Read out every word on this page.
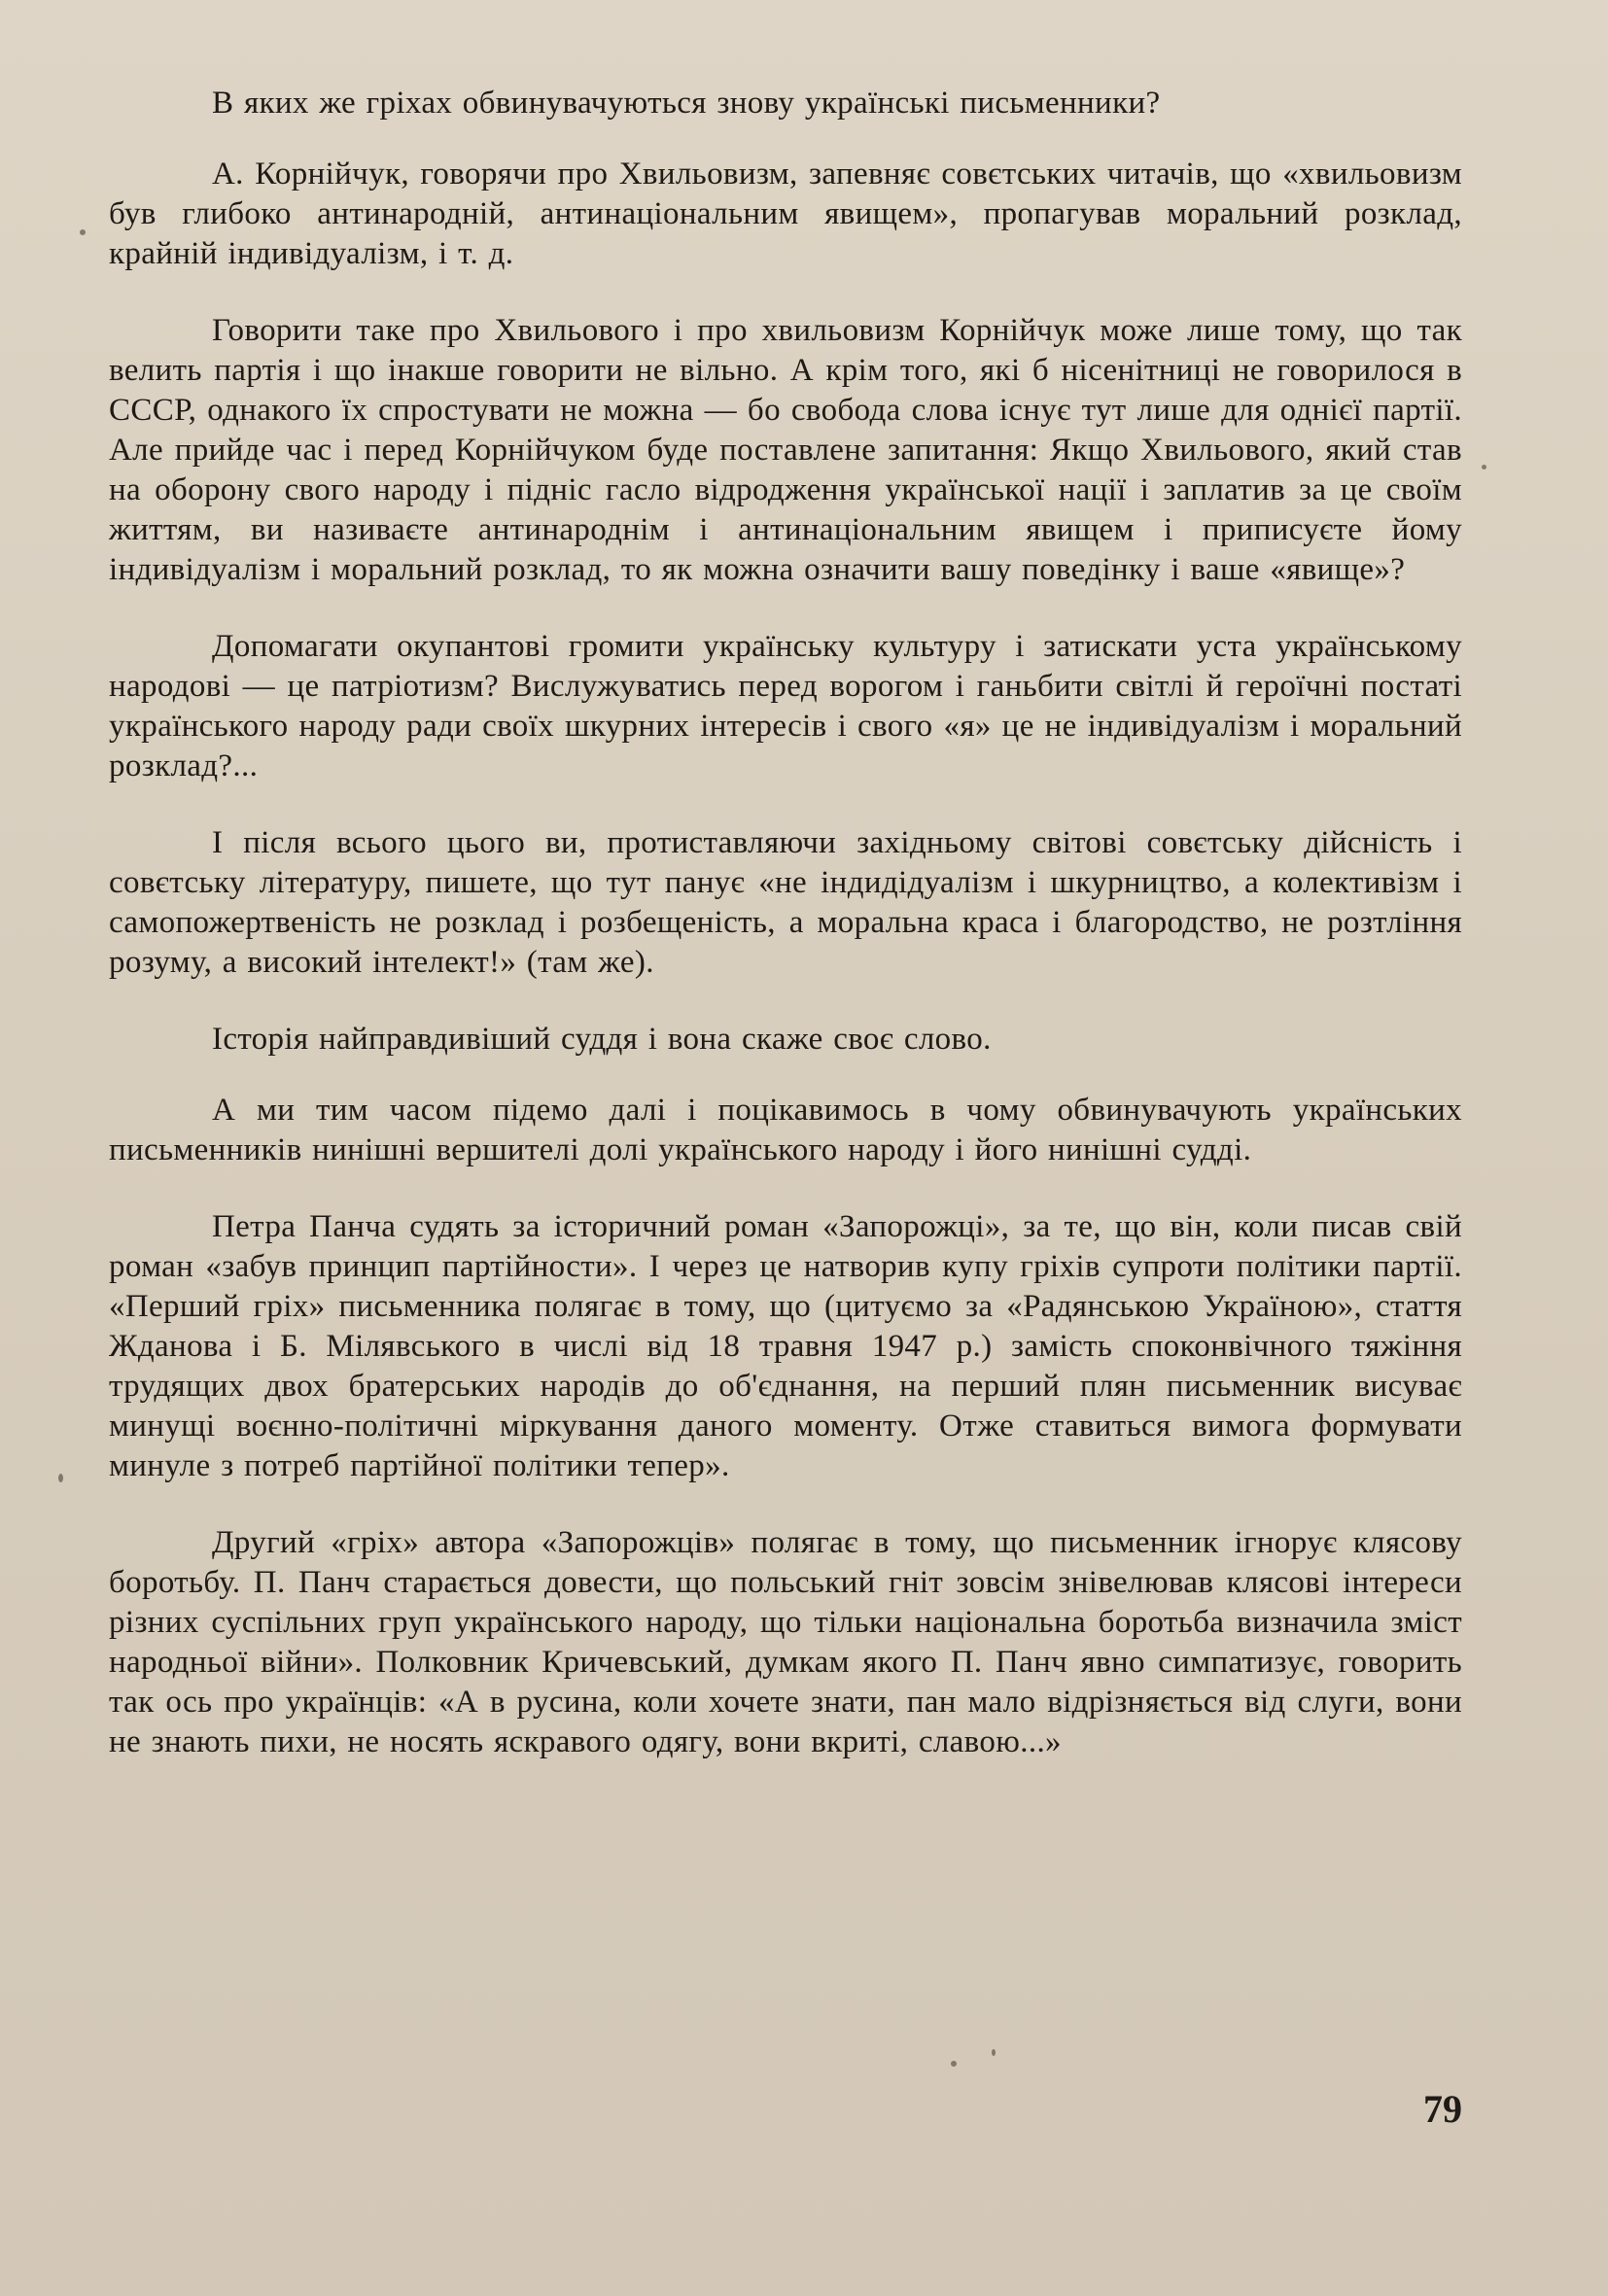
В яких же гріхах обвинувачуються знову українські письменники?

А. Корнійчук, говорячи про Хвильовизм, запевняє совєтських читачів, що «хвильовизм був глибоко антинародній, антинаціональним явищем», пропагував моральний розклад, крайній індивідуалізм, і т. д.

Говорити таке про Хвильового і про хвильовизм Корнійчук може лише тому, що так велить партія і що інакше говорити не вільно. А крім того, які б нісенітниці не говорилося в СССР, однакого їх спростувати не можна — бо свобода слова існує тут лише для однієї партії. Але прийде час і перед Корнійчуком буде поставлене запитання: Якщо Хвильового, який став на оборону свого народу і підніс гасло відродження української нації і заплатив за це своїм життям, ви називаєте антинароднім і антинаціональним явищем і приписуєте йому індивідуалізм і моральний розклад, то як можна означити вашу поведінку і ваше «явище»?

Допомагати окупантові громити українську культуру і затискати уста українському народові — це патріотизм? Вислужуватись перед ворогом і ганьбити світлі й героїчні постаті українського народу ради своїх шкурних інтересів і свого «я» це не індивідуалізм і моральний розклад?...

І після всього цього ви, протиставляючи західньому світові совєтську дійсність і совєтську літературу, пишете, що тут панує «не індидідуалізм і шкурництво, а колективізм і самопожертвеність не розклад і розбещеність, а моральна краса і благородство, не розтління розуму, а високий інтелект!» (там же).

Історія найправдивіший суддя і вона скаже своє слово.

А ми тим часом підемо далі і поцікавимось в чому обвинувачують українських письменників нинішні вершителі долі українського народу і його нинішні судді.

Петра Панча судять за історичний роман «Запорожці», за те, що він, коли писав свій роман «забув принцип партійности». І через це натворив купу гріхів супроти політики партії. «Перший гріх» письменника полягає в тому, що (цитуємо за «Радянською Україною», стаття Жданова і Б. Мілявського в числі від 18 травня 1947 р.) замість споконвічного тяжіння трудящих двох братерських народів до об'єднання, на перший плян письменник висуває минущі воєнно-політичні міркування даного моменту. Отже ставиться вимога формувати минуле з потреб партійної політики тепер».

Другий «гріх» автора «Запорожців» полягає в тому, що письменник ігнорує клясову боротьбу. П. Панч старається довести, що польський гніт зовсім знівелював клясові інтереси різних суспільних груп українського народу, що тільки національна боротьба визначила зміст народньої війни». Полковник Кричевський, думкам якого П. Панч явно симпатизує, говорить так ось про українців: «А в русина, коли хочете знати, пан мало відрізняється від слуги, вони не знають пихи, не носять яскравого одягу, вони вкриті, славою...»

79
